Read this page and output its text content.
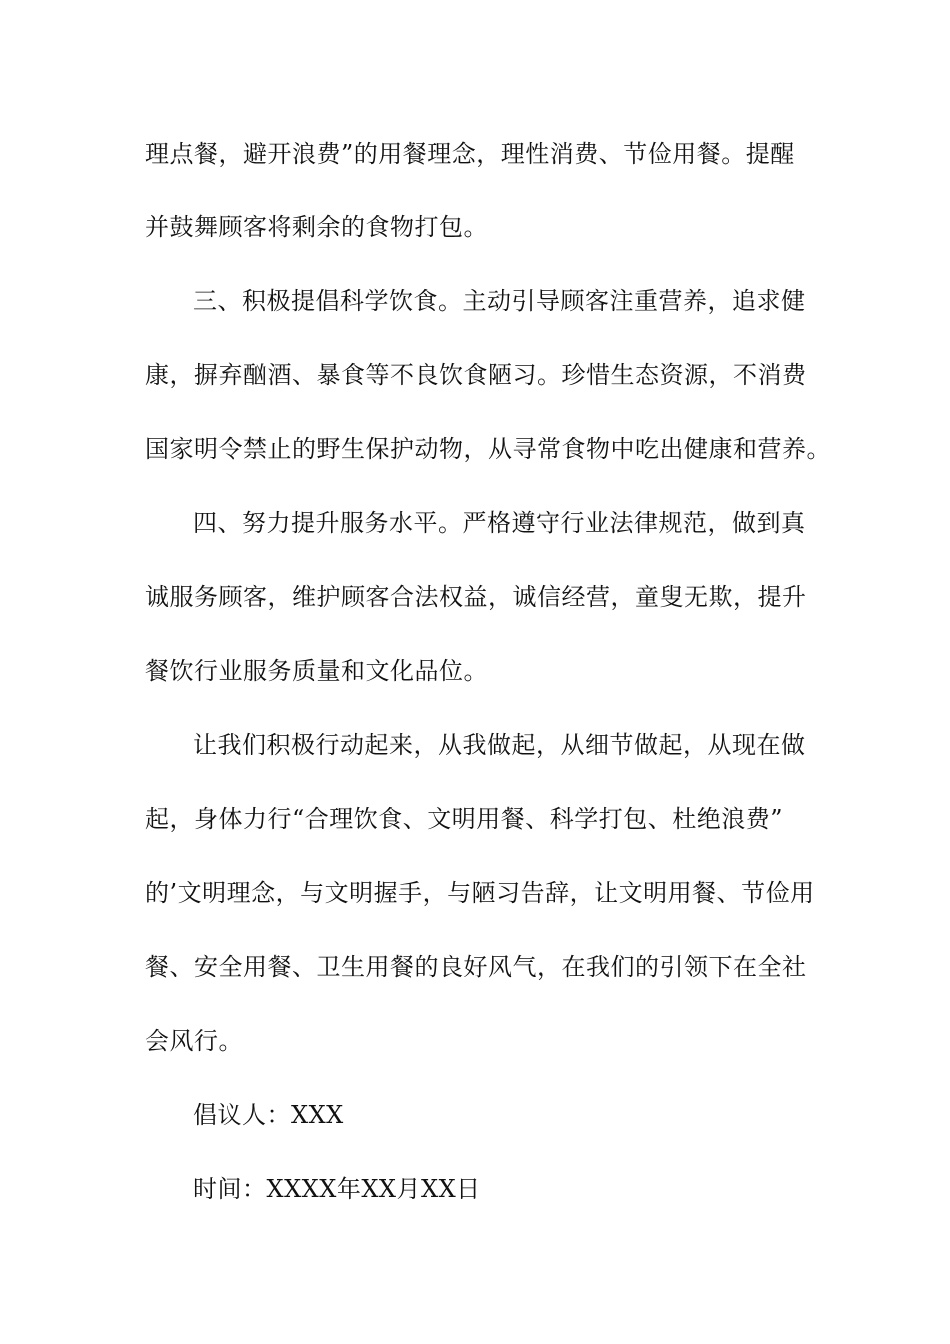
理点餐，避开浪费”的用餐理念，理性消费、节俭用餐。提醒
并鼓舞顾客将剩余的食物打包。
三、积极提倡科学饮食。主动引导顾客注重营养，追求健
康，摒弃酗酒、暴食等不良饮食陋习。珍惜生态资源，不消费
国家明令禁止的野生保护动物，从寻常食物中吃出健康和营养。
四、努力提升服务水平。严格遵守行业法律规范，做到真
诚服务顾客，维护顾客合法权益，诚信经营，童叟无欺，提升
餐饮行业服务质量和文化品位。
让我们积极行动起来，从我做起，从细节做起，从现在做
起，身体力行“合理饮食、文明用餐、科学打包、杜绝浪费”
的’文明理念，与文明握手，与陋习告辞，让文明用餐、节俭用
餐、安全用餐、卫生用餐的良好风气，在我们的引领下在全社
会风行。
倡议人：XXX
时间：XXXX年XX月XX日
